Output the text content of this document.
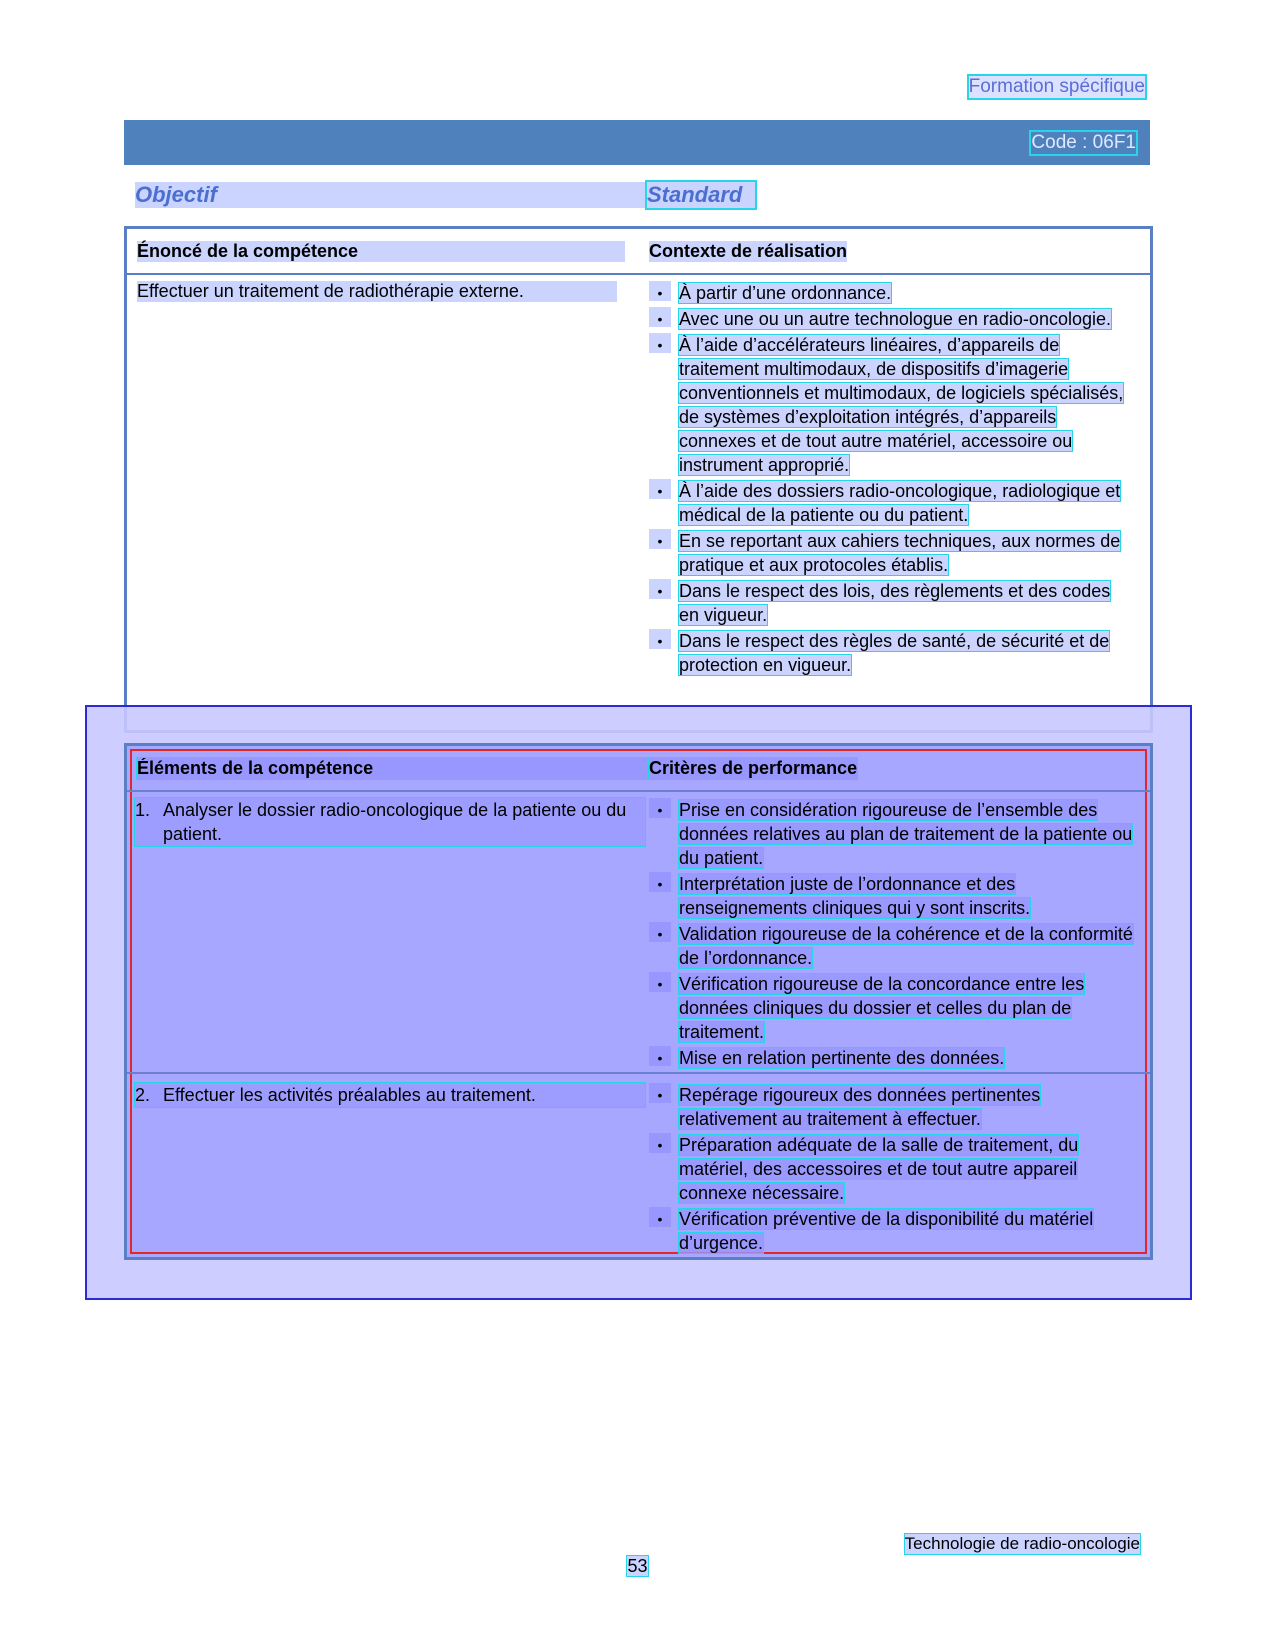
Formation spécifique
Code : 06F1
Objectif	Standard
Énoncé de la compétence	Contexte de réalisation
Effectuer un traitement de radiothérapie externe.	• À partir d’une ordonnance.
• Avec une ou un autre technologue en radio-oncologie.
• À l’aide d’accélérateurs linéaires, d’appareils de traitement multimodaux, de dispositifs d’imagerie conventionnels et multimodaux, de logiciels spécialisés, de systèmes d’exploitation intégrés, d’appareils connexes et de tout autre matériel, accessoire ou instrument approprié.
• À l’aide des dossiers radio-oncologique, radiologique et médical de la patiente ou du patient.
• En se reportant aux cahiers techniques, aux normes de pratique et aux protocoles établis.
• Dans le respect des lois, des règlements et des codes en vigueur.
• Dans le respect des règles de santé, de sécurité et de protection en vigueur.
Éléments de la compétence	Critères de performance
1. Analyser le dossier radio-oncologique de la patiente ou du patient.
• Prise en considération rigoureuse de l’ensemble des données relatives au plan de traitement de la patiente ou du patient.
• Interprétation juste de l’ordonnance et des renseignements cliniques qui y sont inscrits.
• Validation rigoureuse de la cohérence et de la conformité de l’ordonnance.
• Vérification rigoureuse de la concordance entre les données cliniques du dossier et celles du plan de traitement.
• Mise en relation pertinente des données.
2. Effectuer les activités préalables au traitement.	• Repérage rigoureux des données pertinentes relativement au traitement à effectuer.
• Préparation adéquate de la salle de traitement, du matériel, des accessoires et de tout autre appareil connexe nécessaire.
• Vérification préventive de la disponibilité du matériel d’urgence.
Technologie de radio-oncologie
53
